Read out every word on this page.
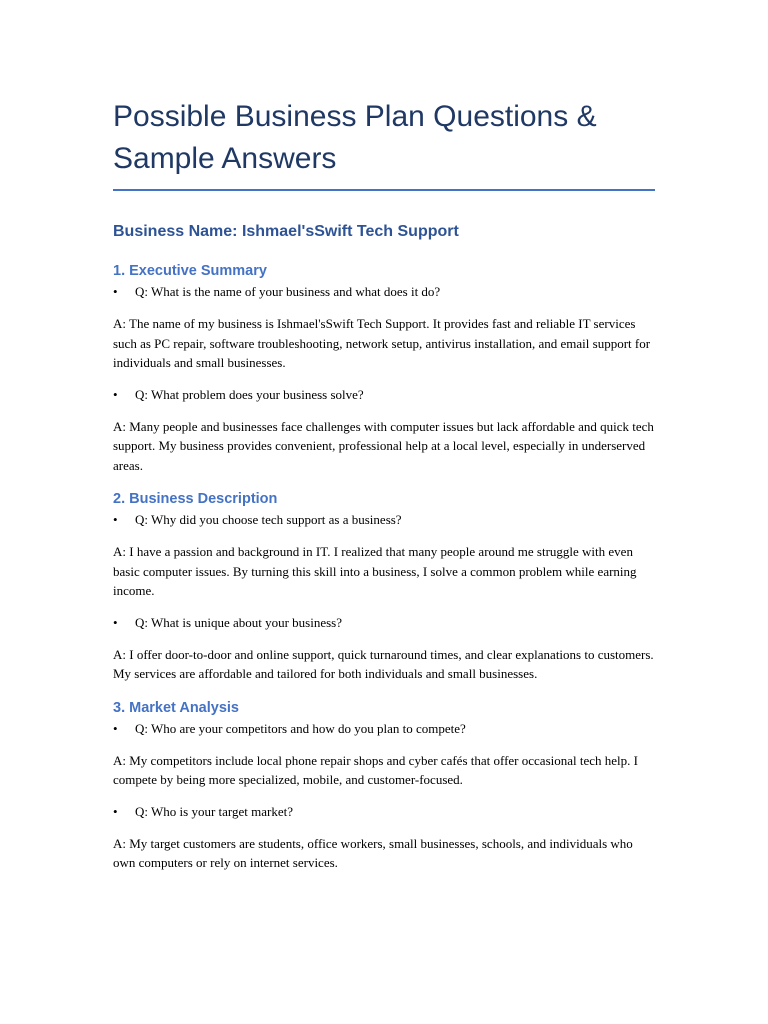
Possible Business Plan Questions & Sample Answers
Business Name: Ishmael'sSwift Tech Support
1. Executive Summary

• Q: What is the name of your business and what does it do?

A: The name of my business is Ishmael'sSwift Tech Support. It provides fast and reliable IT services such as PC repair, software troubleshooting, network setup, antivirus installation, and email support for individuals and small businesses.

• Q: What problem does your business solve?

A: Many people and businesses face challenges with computer issues but lack affordable and quick tech support. My business provides convenient, professional help at a local level, especially in underserved areas.

2. Business Description

• Q: Why did you choose tech support as a business?

A: I have a passion and background in IT. I realized that many people around me struggle with even basic computer issues. By turning this skill into a business, I solve a common problem while earning income.

• Q: What is unique about your business?

A: I offer door-to-door and online support, quick turnaround times, and clear explanations to customers. My services are affordable and tailored for both individuals and small businesses.

3. Market Analysis

• Q: Who are your competitors and how do you plan to compete?

A: My competitors include local phone repair shops and cyber cafés that offer occasional tech help. I compete by being more specialized, mobile, and customer-focused.

• Q: Who is your target market?

A: My target customers are students, office workers, small businesses, schools, and individuals who own computers or rely on internet services.
